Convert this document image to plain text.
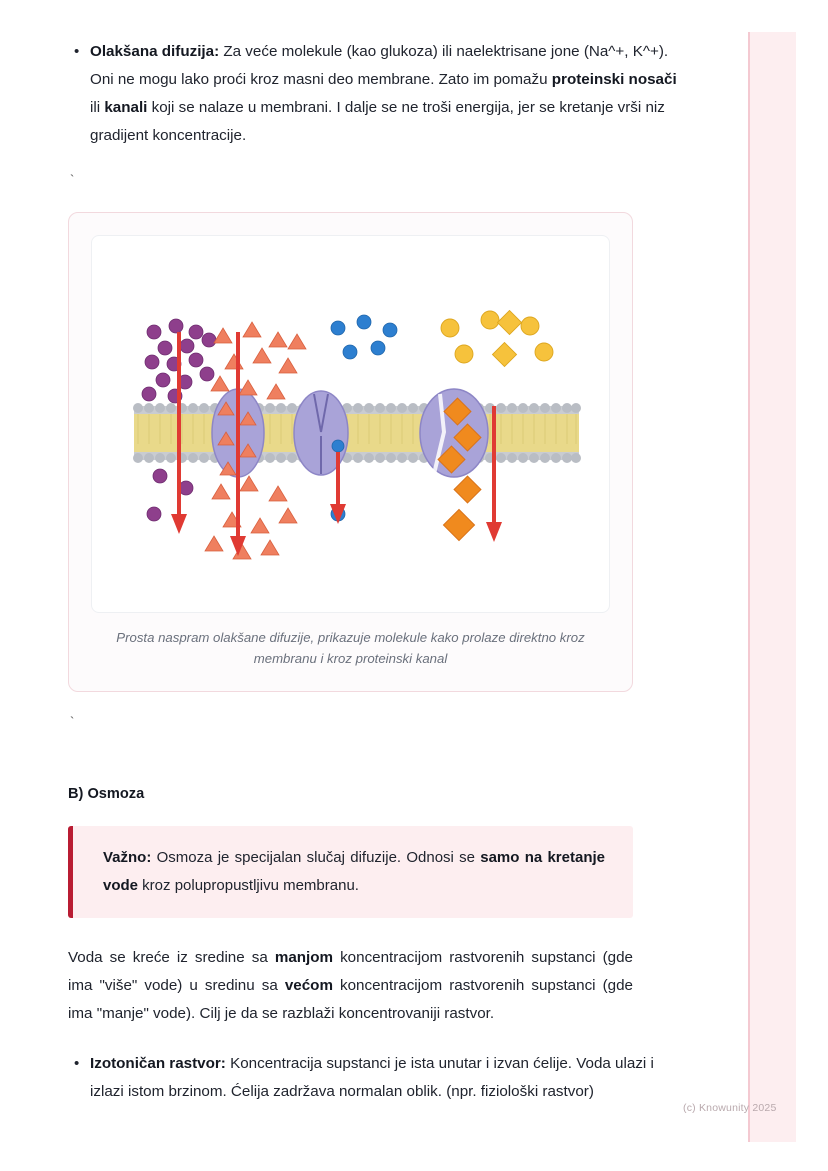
• Olakšana difuzija: Za veće molekule (kao glukoza) ili naelektrisane jone (Na^+, K^+). Oni ne mogu lako proći kroz masni deo membrane. Zato im pomažu proteinski nosači ili kanali koji se nalaze u membrani. I dalje se ne troši energija, jer se kretanje vrši niz gradijent koncentracije.
`
Prosta naspram olakšane difuzije, prikazuje molekule kako prolaze direktno kroz membranu i kroz proteinski kanal
`
B) Osmoza

Važno: Osmoza je specijalan slučaj difuzije. Odnosi se samo na kretanje vode kroz polupropustljivu membranu.

Voda se kreće iz sredine sa manjom koncentracijom rastvorenih supstanci (gde ima "više" vode) u sredinu sa većom koncentracijom rastvorenih supstanci (gde ima "manje" vode). Cilj je da se razblaži koncentrovaniji rastvor.
• Izotoničan rastvor: Koncentracija supstanci je ista unutar i izvan ćelije. Voda ulazi i izlazi istom brzinom. Ćelija zadržava normalan oblik. (npr. fiziološki rastvor)
(c) Knowunity 2025
